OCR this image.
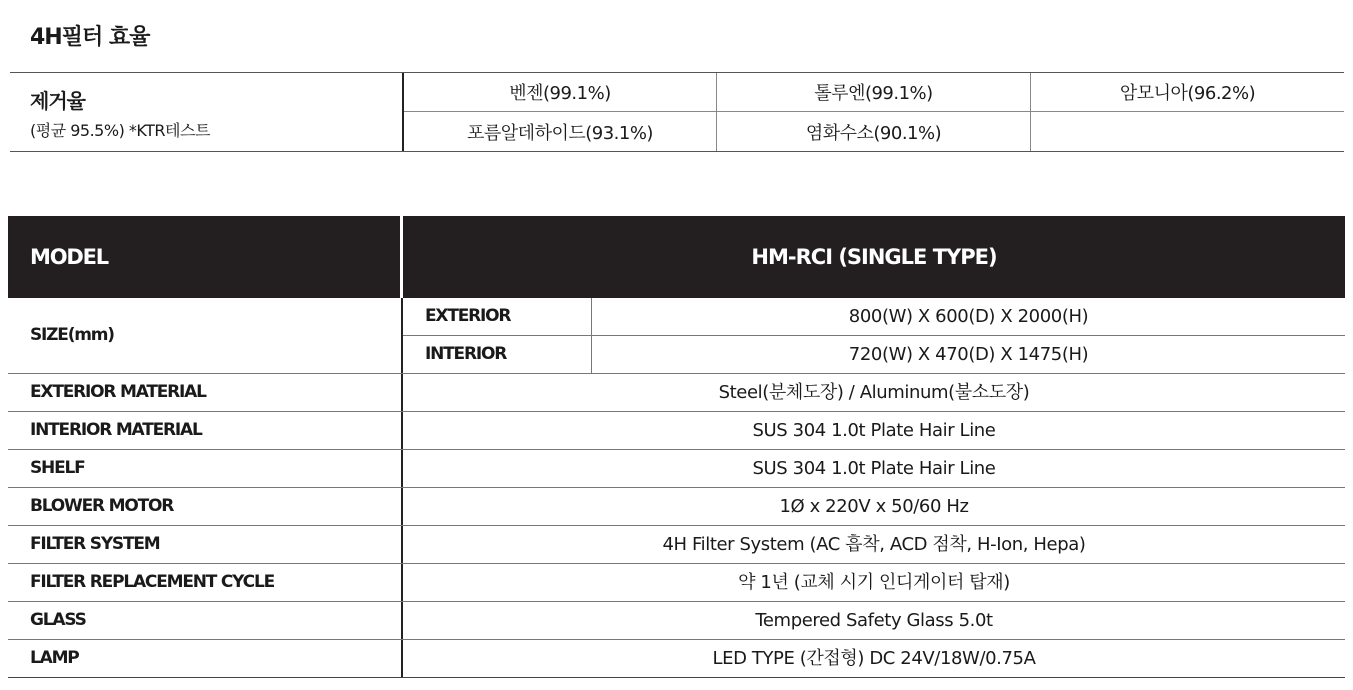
4H필터 효율
제거율
(평균 95.5%) *KTR테스트
벤젠(99.1%)	톨루엔(99.1%)	암모니아(96.2%)
포름알데하이드(93.1%)	염화수소(90.1%)
MODEL	HM-RCI (SINGLE TYPE)
SIZE(mm)
EXTERIOR	800(W) X 600(D) X 2000(H)
INTERIOR	720(W) X 470(D) X 1475(H)
EXTERIOR MATERIAL	Steel(분체도장) / Aluminum(불소도장)
INTERIOR MATERIAL	SUS 304 1.0t Plate Hair Line
SHELF	SUS 304 1.0t Plate Hair Line
BLOWER MOTOR	1Ø x 220V x 50/60 Hz
FILTER SYSTEM	4H Filter System (AC 흡착, ACD 점착, H-Ion, Hepa)
FILTER REPLACEMENT CYCLE	약 1년 (교체 시기 인디게이터 탑재)
GLASS	Tempered Safety Glass 5.0t
LAMP	LED TYPE (간접형) DC 24V/18W/0.75A
